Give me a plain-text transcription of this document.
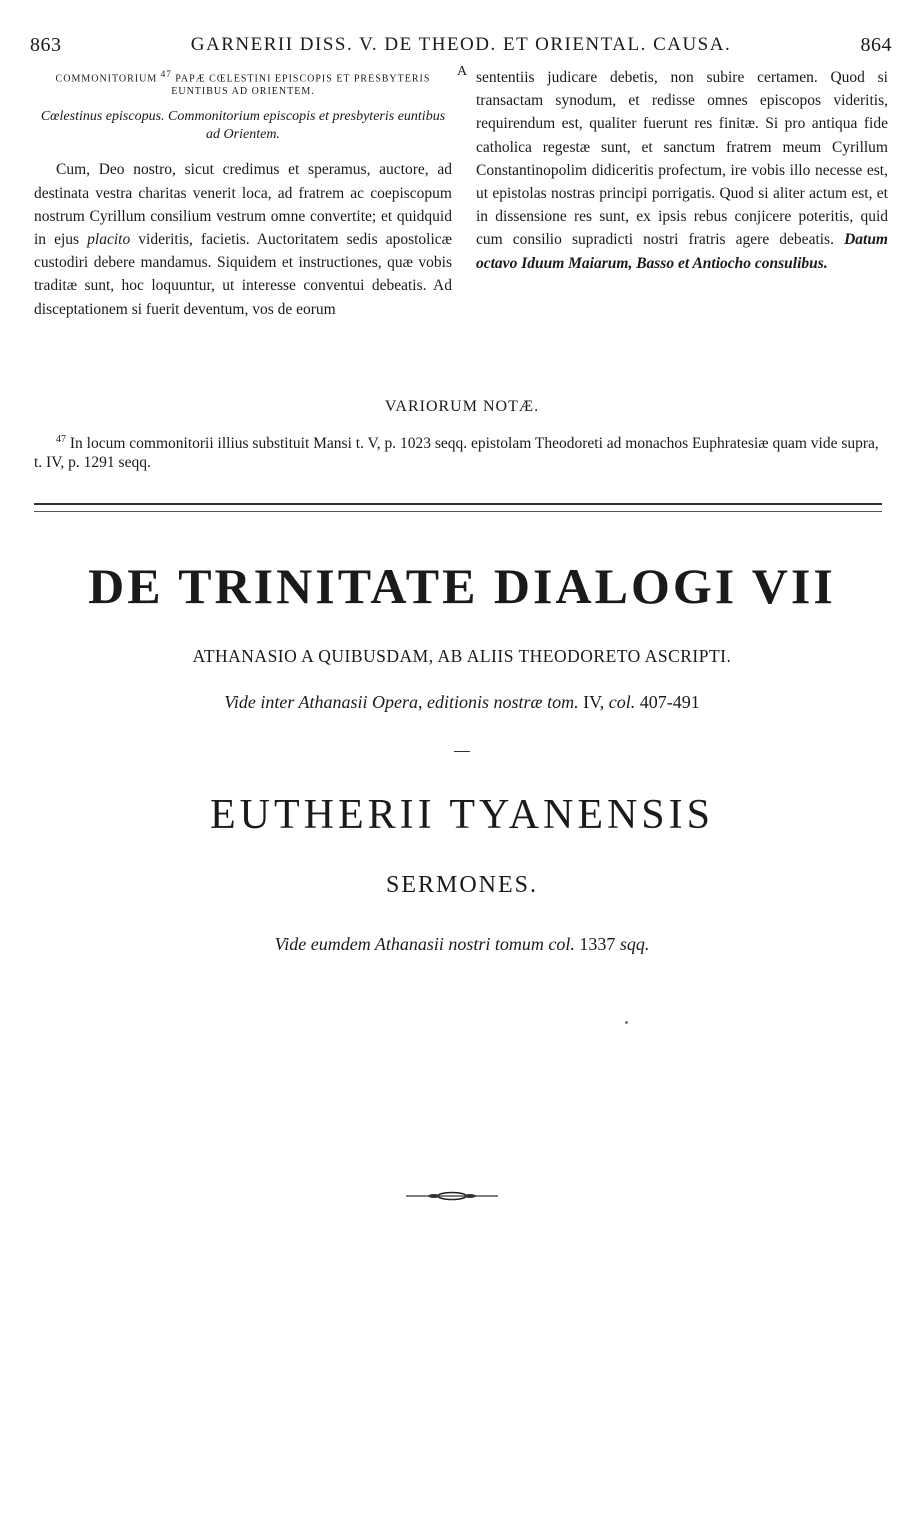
863	GARNERII DISS. V. DE THEOD. ET ORIENTAL. CAUSA.	864
COMMONITORIUM 47 PAPÆ CŒLESTINI EPISCOPIS ET PRESBYTERIS EUNTIBUS AD ORIENTEM.
Cœlestinus episcopus. Commonitorium episcopis et presbyteris euntibus ad Orientem.
Cum, Deo nostro, sicut credimus et speramus, auctore, ad destinata vestra charitas venerit loca, ad fratrem ac coepiscopum nostrum Cyrillum consilium vestrum omne convertite; et quidquid in ejus placito videritis, facietis. Auctoritatem sedis apostolicæ custodiri debere mandamus. Siquidem et instructiones, quæ vobis traditæ sunt, hoc loquuntur, ut interesse conventui debeatis. Ad disceptationem si fuerit deventum, vos de eorum
A sententiis judicare debetis, non subire certamen. Quod si transactam synodum, et redisse omnes episcopos videritis, requirendum est, qualiter fuerunt res finitæ. Si pro antiqua fide catholica regestæ sunt, et sanctum fratrem meum Cyrillum Constantinopolim didiceritis profectum, ire vobis illo necesse est, ut epistolas nostras principi porrigatis. Quod si aliter actum est, et in dissensione res sunt, ex ipsis rebus conjicere poteritis, quid cum consilio supradicti nostri fratris agere debeatis. Datum octavo Iduum Maiarum, Basso et Antiocho consulibus.
VARIORUM NOTÆ.
$^{47}$ In locum commonitorii illius substituit Mansi t. V, p. 1023 seqq. epistolam Theodoreti ad monachos Euphratesiæ quam vide supra, t. IV, p. 1291 seqq.
DE TRINITATE DIALOGI VII
ATHANASIO A QUIBUSDAM, AB ALIIS THEODORETO ASCRIPTI.
Vide inter Athanasii Opera, editionis nostræ tom. IV, col. 407-491
EUTHERII TYANENSIS
SERMONES.
Vide eumdem Athanasii nostri tomum col. 1337 sqq.
